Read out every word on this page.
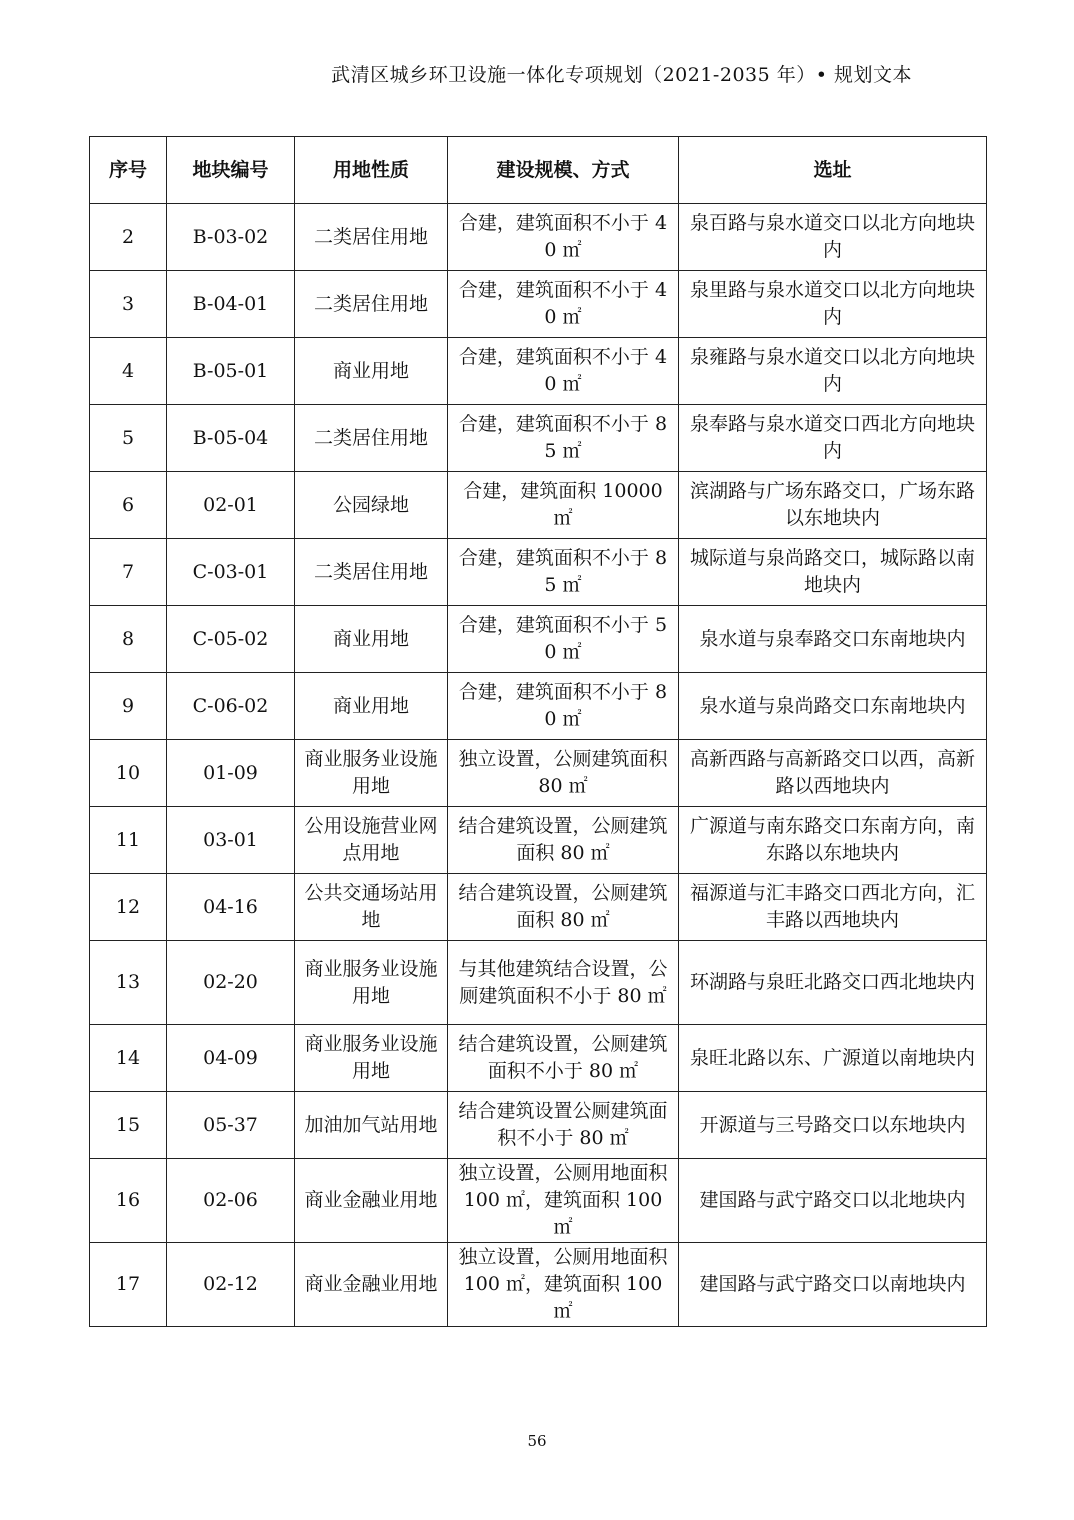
武清区城乡环卫设施一体化专项规划（2021-2035 年）• 规划文本
序号	地块编号	用地性质	建设规模、方式	选址
2	B-03-02	二类居住用地	合建，建筑面积不小于 40 ㎡	泉百路与泉水道交口以北方向地块内
3	B-04-01	二类居住用地	合建，建筑面积不小于 40 ㎡	泉里路与泉水道交口以北方向地块内
4	B-05-01	商业用地	合建，建筑面积不小于 40 ㎡	泉雍路与泉水道交口以北方向地块内
5	B-05-04	二类居住用地	合建，建筑面积不小于 85 ㎡	泉奉路与泉水道交口西北方向地块内
6	02-01	公园绿地	合建，建筑面积 10000 ㎡	滨湖路与广场东路交口，广场东路以东地块内
7	C-03-01	二类居住用地	合建，建筑面积不小于 85 ㎡	城际道与泉尚路交口，城际路以南地块内
8	C-05-02	商业用地	合建，建筑面积不小于 50 ㎡	泉水道与泉奉路交口东南地块内
9	C-06-02	商业用地	合建，建筑面积不小于 80 ㎡	泉水道与泉尚路交口东南地块内
10	01-09	商业服务业设施用地	独立设置，公厕建筑面积 80 ㎡	高新西路与高新路交口以西，高新路以西地块内
11	03-01	公用设施营业网点用地	结合建筑设置，公厕建筑面积 80 ㎡	广源道与南东路交口东南方向，南东路以东地块内
12	04-16	公共交通场站用地	结合建筑设置，公厕建筑面积 80 ㎡	福源道与汇丰路交口西北方向，汇丰路以西地块内
13	02-20	商业服务业设施用地	与其他建筑结合设置，公厕建筑面积不小于 80 ㎡	环湖路与泉旺北路交口西北地块内
14	04-09	商业服务业设施用地	结合建筑设置，公厕建筑面积不小于 80 ㎡	泉旺北路以东、广源道以南地块内
15	05-37	加油加气站用地	结合建筑设置公厕建筑面积不小于 80 ㎡	开源道与三号路交口以东地块内
16	02-06	商业金融业用地	独立设置，公厕用地面积 100 ㎡，建筑面积 100 ㎡	建国路与武宁路交口以北地块内
17	02-12	商业金融业用地	独立设置，公厕用地面积 100 ㎡，建筑面积 100 ㎡	建国路与武宁路交口以南地块内
56
